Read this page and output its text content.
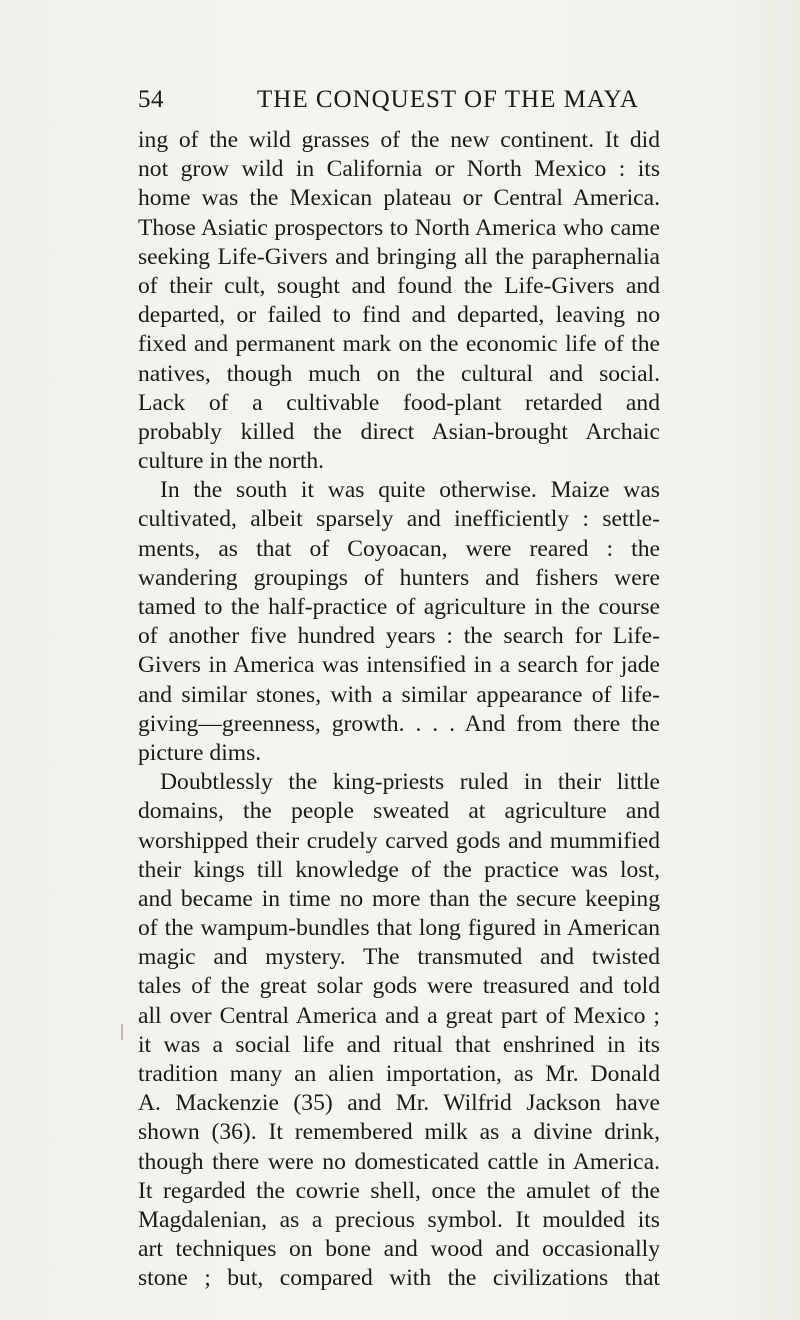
54	THE CONQUEST OF THE MAYA
ing of the wild grasses of the new continent. It did
not grow wild in California or North Mexico : its
home was the Mexican plateau or Central America.
Those Asiatic prospectors to North America who came
seeking Life-Givers and bringing all the paraphernalia
of their cult, sought and found the Life-Givers and
departed, or failed to find and departed, leaving no
fixed and permanent mark on the economic life of the
natives, though much on the cultural and social.
Lack of a cultivable food-plant retarded and
probably killed the direct Asian-brought Archaic
culture in the north.
In the south it was quite otherwise. Maize was
cultivated, albeit sparsely and inefficiently : settle-
ments, as that of Coyoacan, were reared : the
wandering groupings of hunters and fishers were
tamed to the half-practice of agriculture in the course
of another five hundred years : the search for Life-
Givers in America was intensified in a search for jade
and similar stones, with a similar appearance of life-
giving—greenness, growth. . . . And from there the
picture dims.
Doubtlessly the king-priests ruled in their little
domains, the people sweated at agriculture and
worshipped their crudely carved gods and mummified
their kings till knowledge of the practice was lost,
and became in time no more than the secure keeping
of the wampum-bundles that long figured in American
magic and mystery. The transmuted and twisted
tales of the great solar gods were treasured and told
all over Central America and a great part of Mexico ;
it was a social life and ritual that enshrined in its
tradition many an alien importation, as Mr. Donald
A. Mackenzie (35) and Mr. Wilfrid Jackson have
shown (36). It remembered milk as a divine drink,
though there were no domesticated cattle in America.
It regarded the cowrie shell, once the amulet of the
Magdalenian, as a precious symbol. It moulded its
art techniques on bone and wood and occasionally
stone ; but, compared with the civilizations that
